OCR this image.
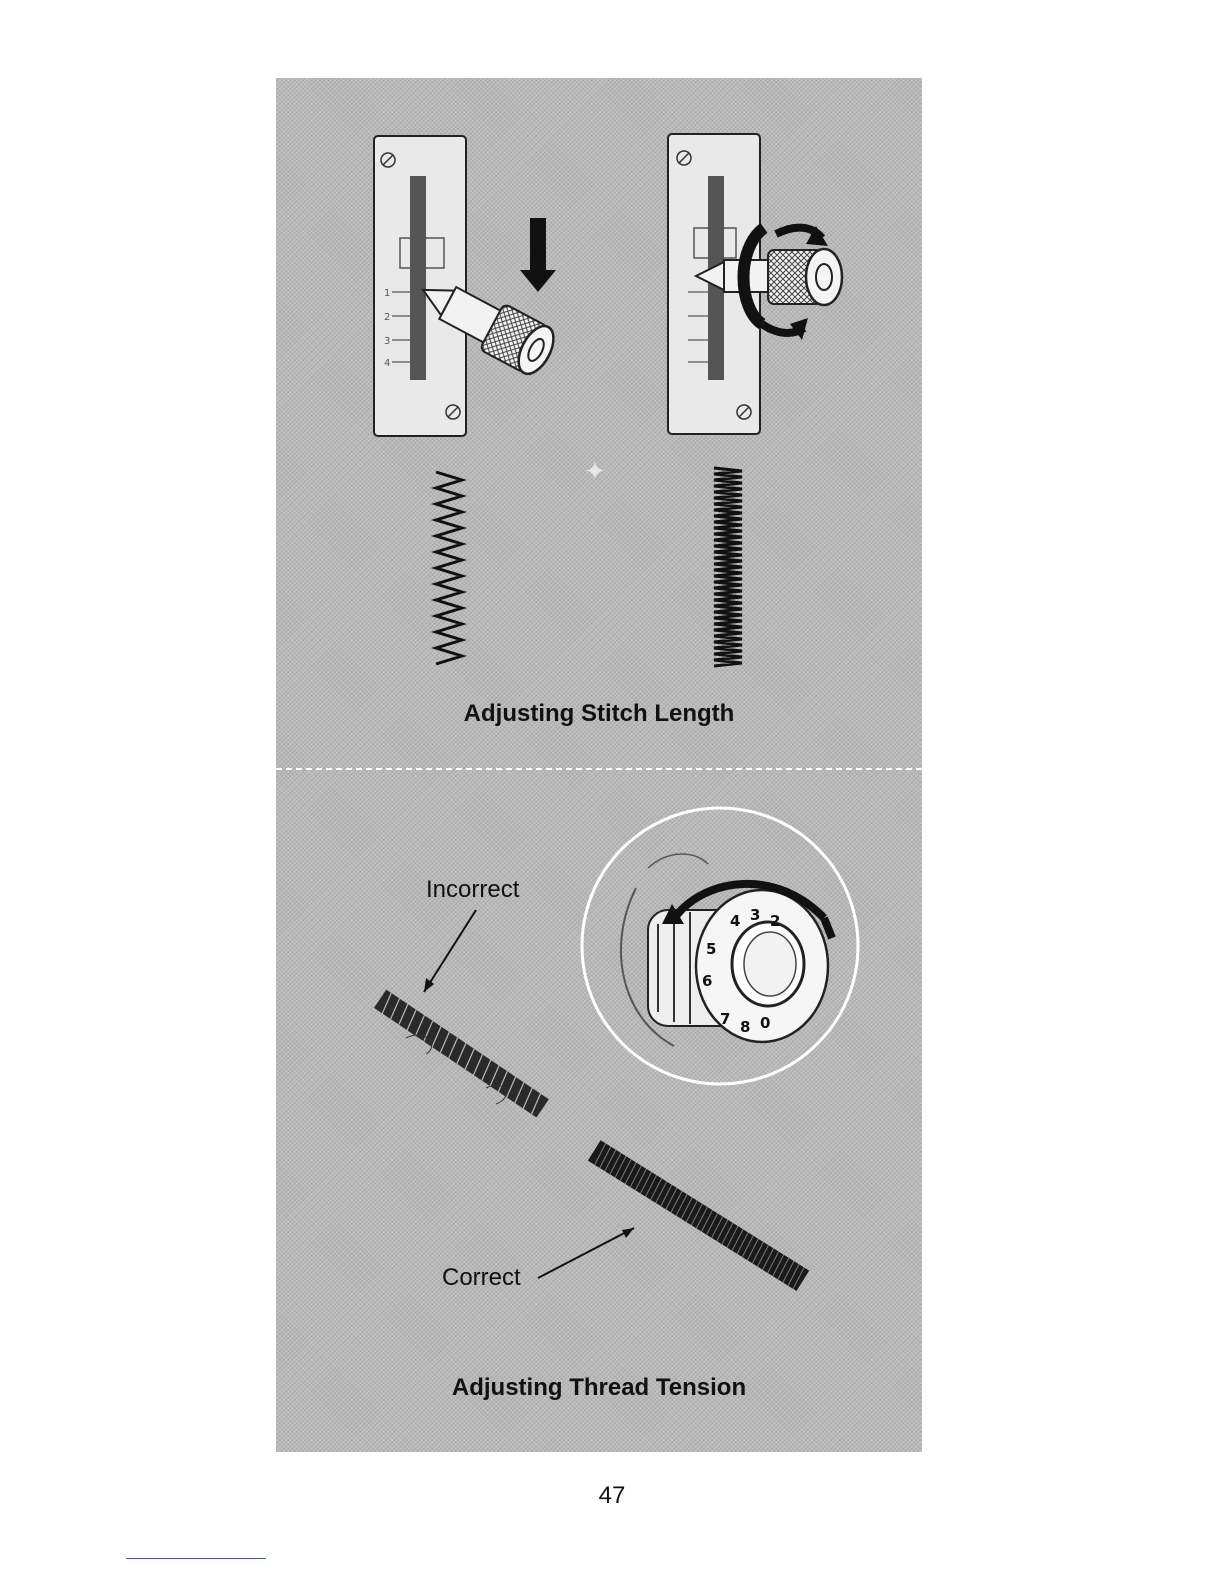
1
2
3
4
✦
4 3 2
5
6
7 8 0
Adjusting Stitch Length
Incorrect
Correct
Adjusting Thread Tension
47
